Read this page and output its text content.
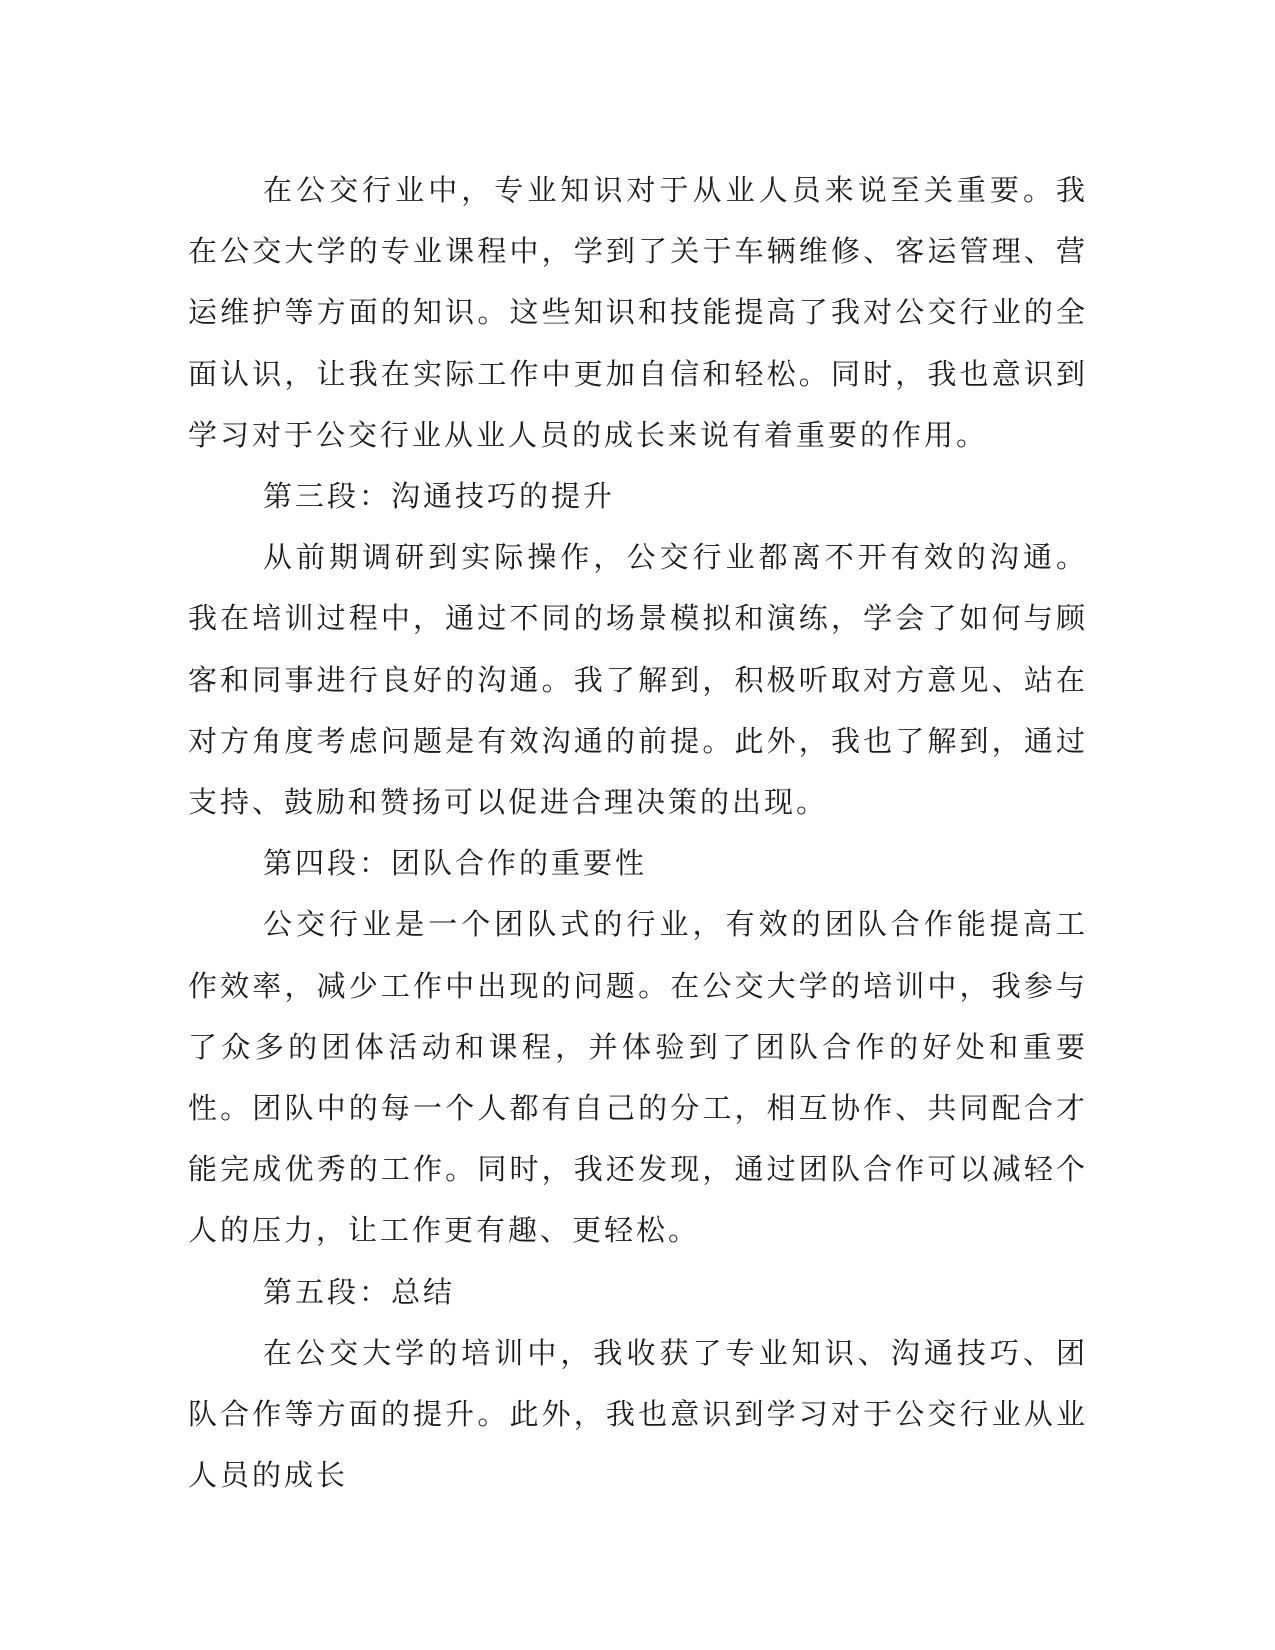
在公交行业中，专业知识对于从业人员来说至关重要。我在公交大学的专业课程中，学到了关于车辆维修、客运管理、营运维护等方面的知识。这些知识和技能提高了我对公交行业的全面认识，让我在实际工作中更加自信和轻松。同时，我也意识到学习对于公交行业从业人员的成长来说有着重要的作用。

第三段：沟通技巧的提升

从前期调研到实际操作，公交行业都离不开有效的沟通。我在培训过程中，通过不同的场景模拟和演练，学会了如何与顾客和同事进行良好的沟通。我了解到，积极听取对方意见、站在对方角度考虑问题是有效沟通的前提。此外，我也了解到，通过支持、鼓励和赞扬可以促进合理决策的出现。

第四段：团队合作的重要性

公交行业是一个团队式的行业，有效的团队合作能提高工作效率，减少工作中出现的问题。在公交大学的培训中，我参与了众多的团体活动和课程，并体验到了团队合作的好处和重要性。团队中的每一个人都有自己的分工，相互协作、共同配合才能完成优秀的工作。同时，我还发现，通过团队合作可以减轻个人的压力，让工作更有趣、更轻松。

第五段：总结

在公交大学的培训中，我收获了专业知识、沟通技巧、团队合作等方面的提升。此外，我也意识到学习对于公交行业从业人员的成长
